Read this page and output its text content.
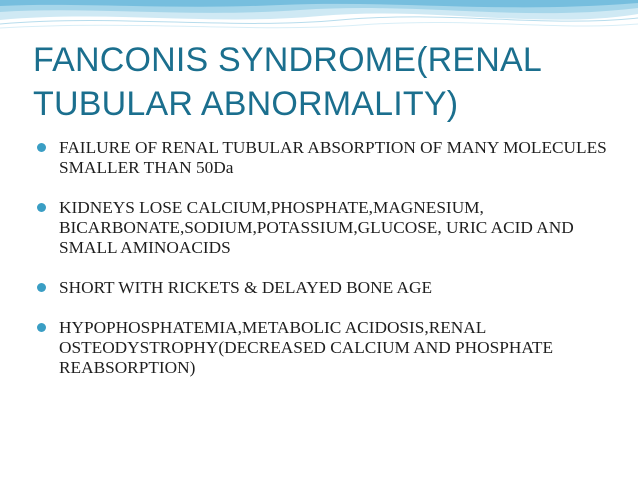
FANCONIS SYNDROME(RENAL TUBULAR ABNORMALITY)
FAILURE OF RENAL TUBULAR ABSORPTION OF MANY MOLECULES SMALLER THAN 50Da
KIDNEYS LOSE CALCIUM,PHOSPHATE,MAGNESIUM, BICARBONATE,SODIUM,POTASSIUM,GLUCOSE, URIC ACID AND SMALL AMINOACIDS
SHORT WITH RICKETS & DELAYED BONE AGE
HYPOPHOSPHATEMIA,METABOLIC ACIDOSIS,RENAL OSTEODYSTROPHY(DECREASED CALCIUM AND PHOSPHATE REABSORPTION)
